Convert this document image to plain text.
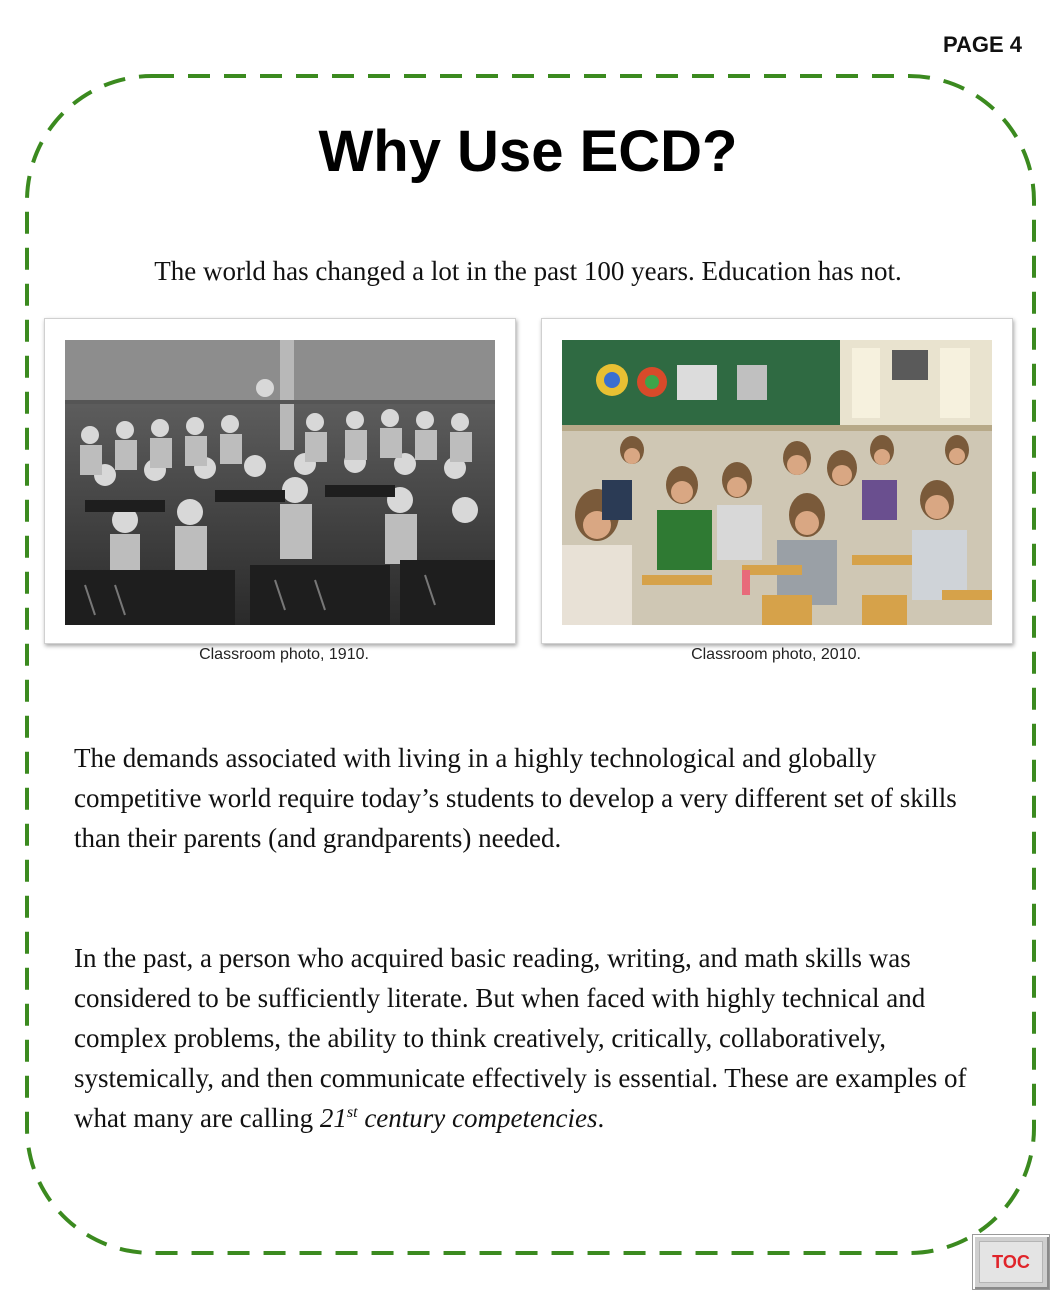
PAGE 4
Why Use ECD?

The world has changed a lot in the past 100 years. Education has not.

Classroom photo, 1910.	Classroom photo, 2010.

The demands associated with living in a highly technological and globally competitive world require today’s students to develop a very different set of skills than their parents (and grandparents) needed.

In the past, a person who acquired basic reading, writing, and math skills was considered to be sufficiently literate. But when faced with highly technical and complex problems, the ability to think creatively, critically, collaboratively, systemically, and then communicate effectively is essential. These are examples of what many are calling 21st century competencies.

TOC
